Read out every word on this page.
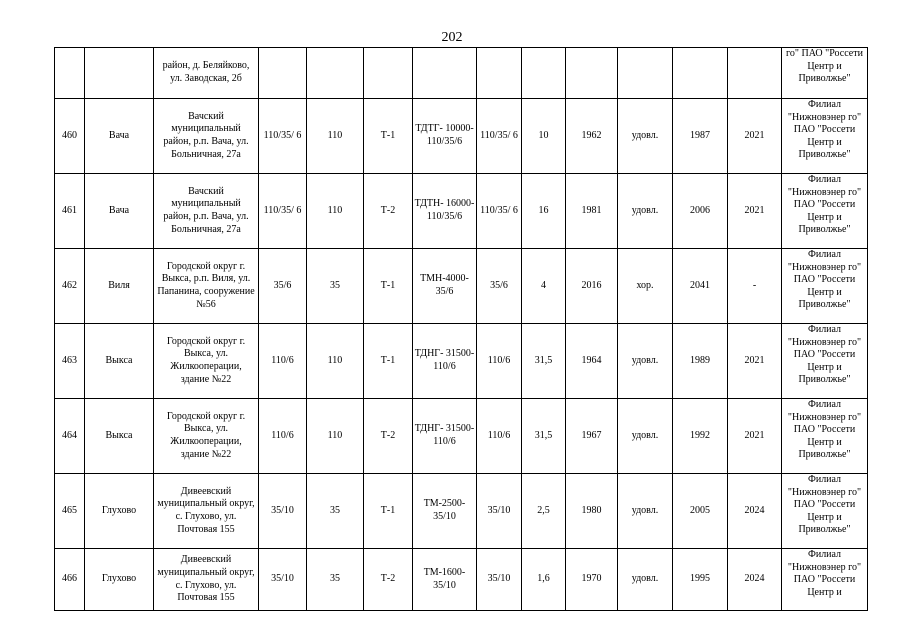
202
		район, д. Беляйково, ул. Заводская, 2б											го" ПАО "Россети Центр и Приволжье"
460	Вача	Вачский муниципальный район, р.п. Вача, ул. Больничная, 27а	110/35/ 6	110	Т-1	ТДТГ- 10000- 110/35/6	110/35/ 6	10	1962	удовл.	1987	2021	Филиал "Нижновэнер го" ПАО "Россети Центр и Приволжье"
461	Вача	Вачский муниципальный район, р.п. Вача, ул. Больничная, 27а	110/35/ 6	110	Т-2	ТДТН- 16000- 110/35/6	110/35/ 6	16	1981	удовл.	2006	2021	Филиал "Нижновэнер го" ПАО "Россети Центр и Приволжье"
462	Виля	Городской округ г. Выкса, р.п. Виля, ул. Папанина, сооружение №56	35/6	35	Т-1	ТМН-4000- 35/6	35/6	4	2016	хор.	2041	-	Филиал "Нижновэнер го" ПАО "Россети Центр и Приволжье"
463	Выкса	Городской округ г. Выкса, ул. Жилкооперации, здание №22	110/6	110	Т-1	ТДНГ- 31500- 110/6	110/6	31,5	1964	удовл.	1989	2021	Филиал "Нижновэнер го" ПАО "Россети Центр и Приволжье"
464	Выкса	Городской округ г. Выкса, ул. Жилкооперации, здание №22	110/6	110	Т-2	ТДНГ- 31500- 110/6	110/6	31,5	1967	удовл.	1992	2021	Филиал "Нижновэнер го" ПАО "Россети Центр и Приволжье"
465	Глухово	Дивеевский муниципальный округ, с. Глухово, ул. Почтовая 155	35/10	35	Т-1	ТМ-2500- 35/10	35/10	2,5	1980	удовл.	2005	2024	Филиал "Нижновэнер го" ПАО "Россети Центр и Приволжье"
466	Глухово	Дивеевский муниципальный округ, с. Глухово, ул. Почтовая 155	35/10	35	Т-2	ТМ-1600- 35/10	35/10	1,6	1970	удовл.	1995	2024	Филиал "Нижновэнер го" ПАО "Россети Центр и
